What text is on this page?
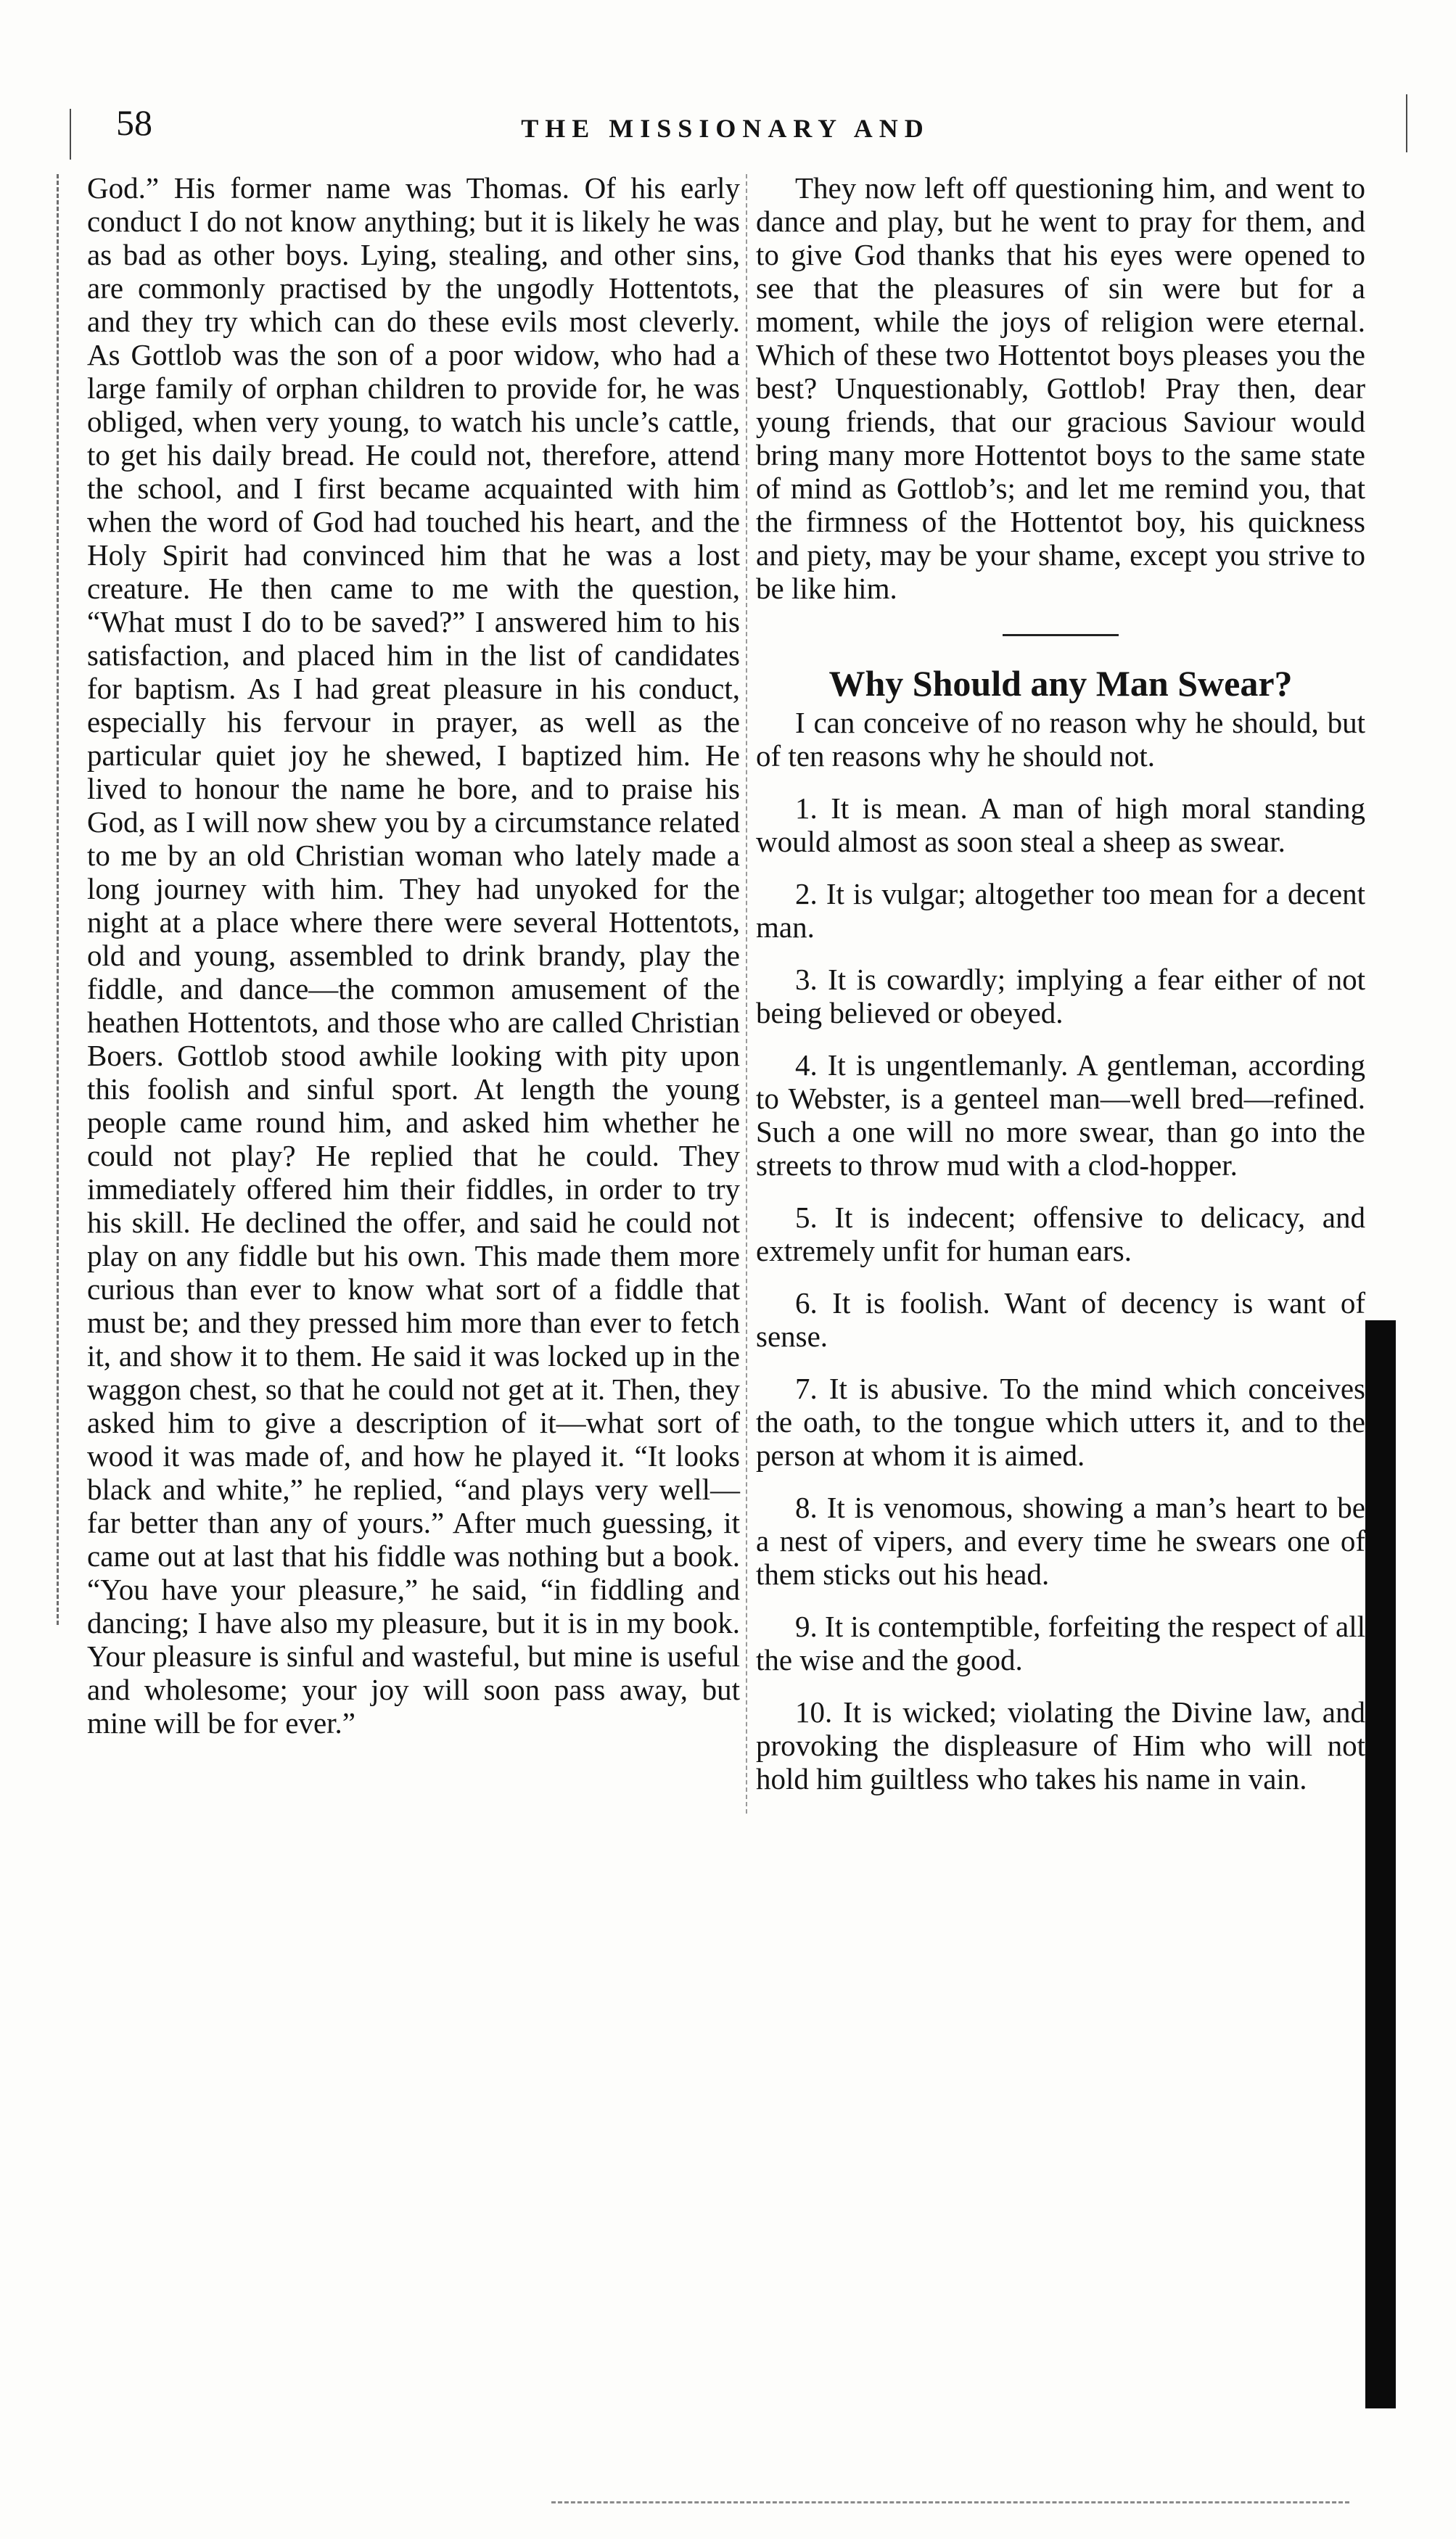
58	THE MISSIONARY AND

God.” His former name was Thomas. Of his early conduct I do not know anything; but it is likely he was as bad as other boys. Lying, stealing, and other sins, are commonly practised by the ungodly Hottentots, and they try which can do these evils most cleverly. As Gottlob was the son of a poor widow, who had a large family of orphan children to provide for, he was obliged, when very young, to watch his uncle’s cattle, to get his daily bread. He could not, therefore, attend the school, and I first became acquainted with him when the word of God had touched his heart, and the Holy Spirit had convinced him that he was a lost creature. He then came to me with the question, “What must I do to be saved?” I answered him to his satisfaction, and placed him in the list of candidates for baptism. As I had great pleasure in his conduct, especially his fervour in prayer, as well as the particular quiet joy he shewed, I baptized him. He lived to honour the name he bore, and to praise his God, as I will now shew you by a circumstance related to me by an old Christian woman who lately made a long journey with him. They had unyoked for the night at a place where there were several Hottentots, old and young, assembled to drink brandy, play the fiddle, and dance—the common amusement of the heathen Hottentots, and those who are called Christian Boers. Gottlob stood awhile looking with pity upon this foolish and sinful sport. At length the young people came round him, and asked him whether he could not play? He replied that he could. They immediately offered him their fiddles, in order to try his skill. He declined the offer, and said he could not play on any fiddle but his own. This made them more curious than ever to know what sort of a fiddle that must be; and they pressed him more than ever to fetch it, and show it to them. He said it was locked up in the waggon chest, so that he could not get at it. Then, they asked him to give a description of it—what sort of wood it was made of, and how he played it. “It looks black and white,” he replied, “and plays very well—far better than any of yours.” After much guessing, it came out at last that his fiddle was nothing but a book. “You have your pleasure,” he said, “in fiddling and dancing; I have also my pleasure, but it is in my book. Your pleasure is sinful and wasteful, but mine is useful and wholesome; your joy will soon pass away, but mine will be for ever.”

They now left off questioning him, and went to dance and play, but he went to pray for them, and to give God thanks that his eyes were opened to see that the pleasures of sin were but for a moment, while the joys of religion were eternal. Which of these two Hottentot boys pleases you the best? Unquestionably, Gottlob! Pray then, dear young friends, that our gracious Saviour would bring many more Hottentot boys to the same state of mind as Gottlob’s; and let me remind you, that the firmness of the Hottentot boy, his quickness and piety, may be your shame, except you strive to be like him.

Why Should any Man Swear?

I can conceive of no reason why he should, but of ten reasons why he should not.

1. It is mean. A man of high moral standing would almost as soon steal a sheep as swear.

2. It is vulgar; altogether too mean for a decent man.

3. It is cowardly; implying a fear either of not being believed or obeyed.

4. It is ungentlemanly. A gentleman, according to Webster, is a genteel man—well bred—refined. Such a one will no more swear, than go into the streets to throw mud with a clod-hopper.

5. It is indecent; offensive to delicacy, and extremely unfit for human ears.

6. It is foolish. Want of decency is want of sense.

7. It is abusive. To the mind which conceives the oath, to the tongue which utters it, and to the person at whom it is aimed.

8. It is venomous, showing a man’s heart to be a nest of vipers, and every time he swears one of them sticks out his head.

9. It is contemptible, forfeiting the respect of all the wise and the good.

10. It is wicked; violating the Divine law, and provoking the displeasure of Him who will not hold him guiltless who takes his name in vain.
